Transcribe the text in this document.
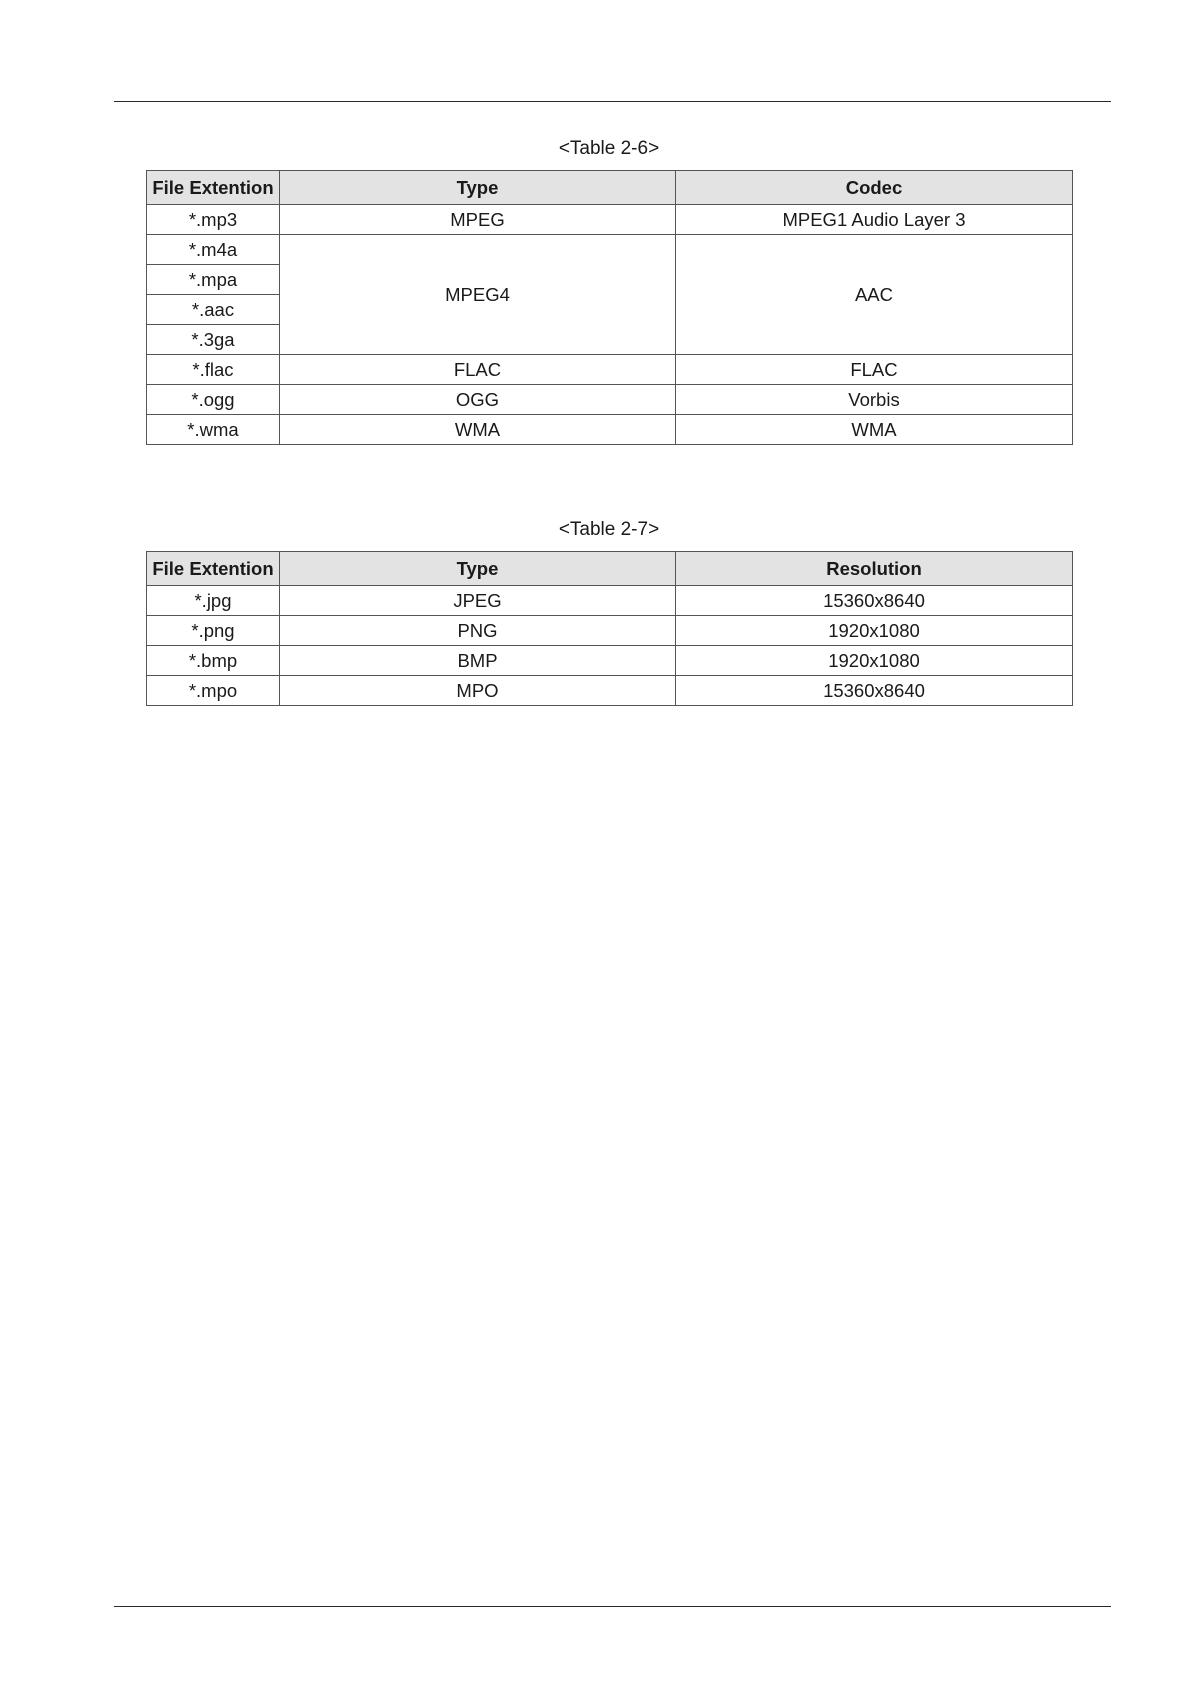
<Table 2-6>
File Extention	Type	Codec
*.mp3	MPEG	MPEG1 Audio Layer 3
*.m4a	MPEG4	AAC
*.mpa		
*.aac		
*.3ga		
*.flac	FLAC	FLAC
*.ogg	OGG	Vorbis
*.wma	WMA	WMA
<Table 2-7>
File Extention	Type	Resolution
*.jpg	JPEG	15360x8640
*.png	PNG	1920x1080
*.bmp	BMP	1920x1080
*.mpo	MPO	15360x8640
